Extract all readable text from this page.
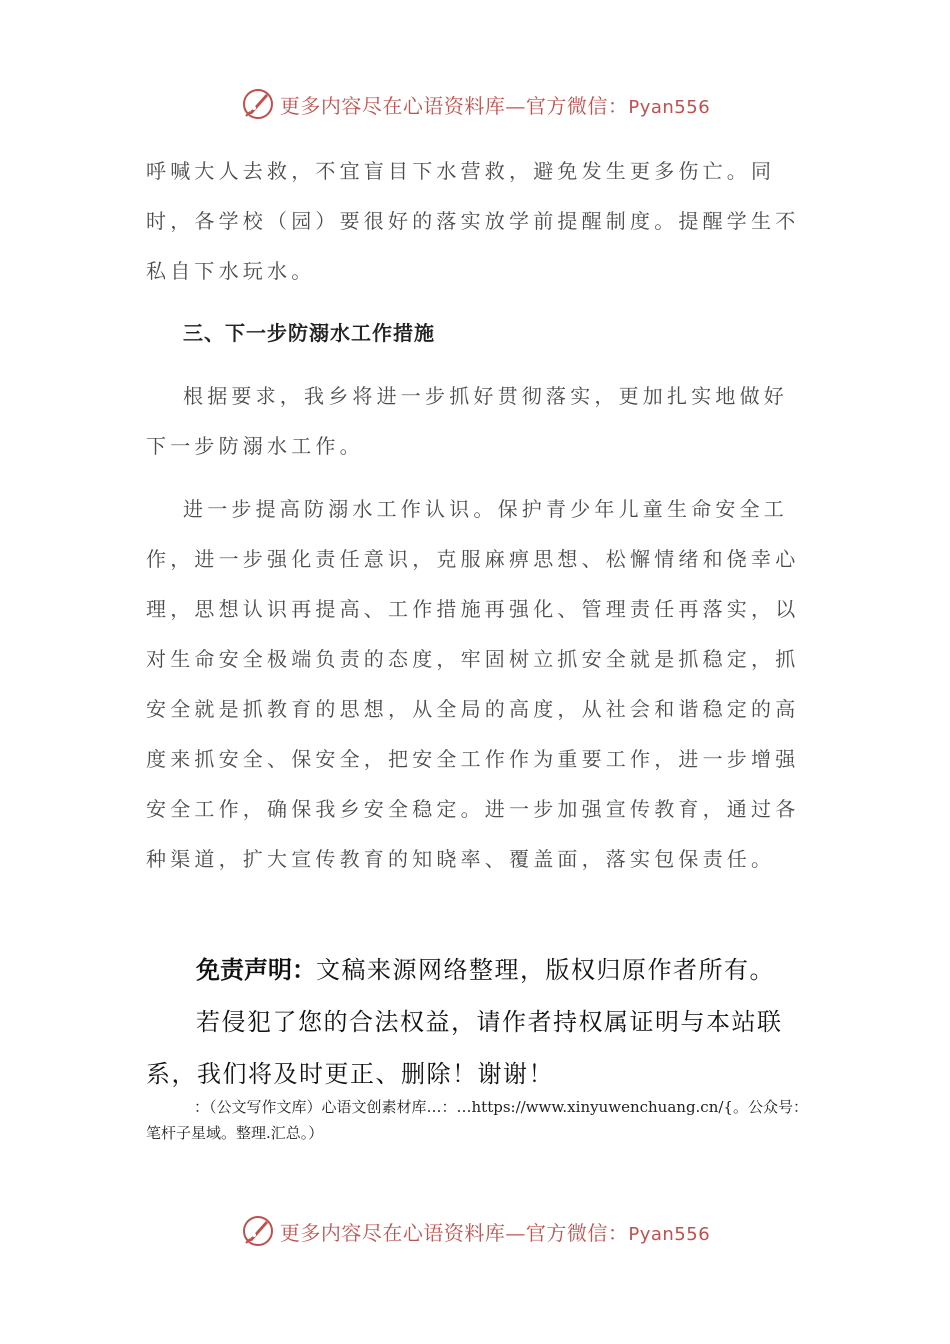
更多内容尽在心语资料库—官方微信：Pyan556

呼喊大人去救，不宜盲目下水营救，避免发生更多伤亡。同时，各学校（园）要很好的落实放学前提醒制度。提醒学生不私自下水玩水。

三、下一步防溺水工作措施

根据要求，我乡将进一步抓好贯彻落实，更加扎实地做好下一步防溺水工作。

进一步提高防溺水工作认识。保护青少年儿童生命安全工作，进一步强化责任意识，克服麻痹思想、松懈情绪和侥幸心理，思想认识再提高、工作措施再强化、管理责任再落实，以对生命安全极端负责的态度，牢固树立抓安全就是抓稳定，抓安全就是抓教育的思想，从全局的高度，从社会和谐稳定的高度来抓安全、保安全，把安全工作作为重要工作，进一步增强安全工作，确保我乡安全稳定。进一步加强宣传教育，通过各种渠道，扩大宣传教育的知晓率、覆盖面，落实包保责任。

免责声明：文稿来源网络整理，版权归原作者所有。
若侵犯了您的合法权益，请作者持权属证明与本站联系，我们将及时更正、删除！谢谢！

：（公文写作文库）心语文创素材库…：…https://www.xinyuwenchuang.cn/{。公众号：笔杆子星域。整理.汇总。）

更多内容尽在心语资料库—官方微信：Pyan556
